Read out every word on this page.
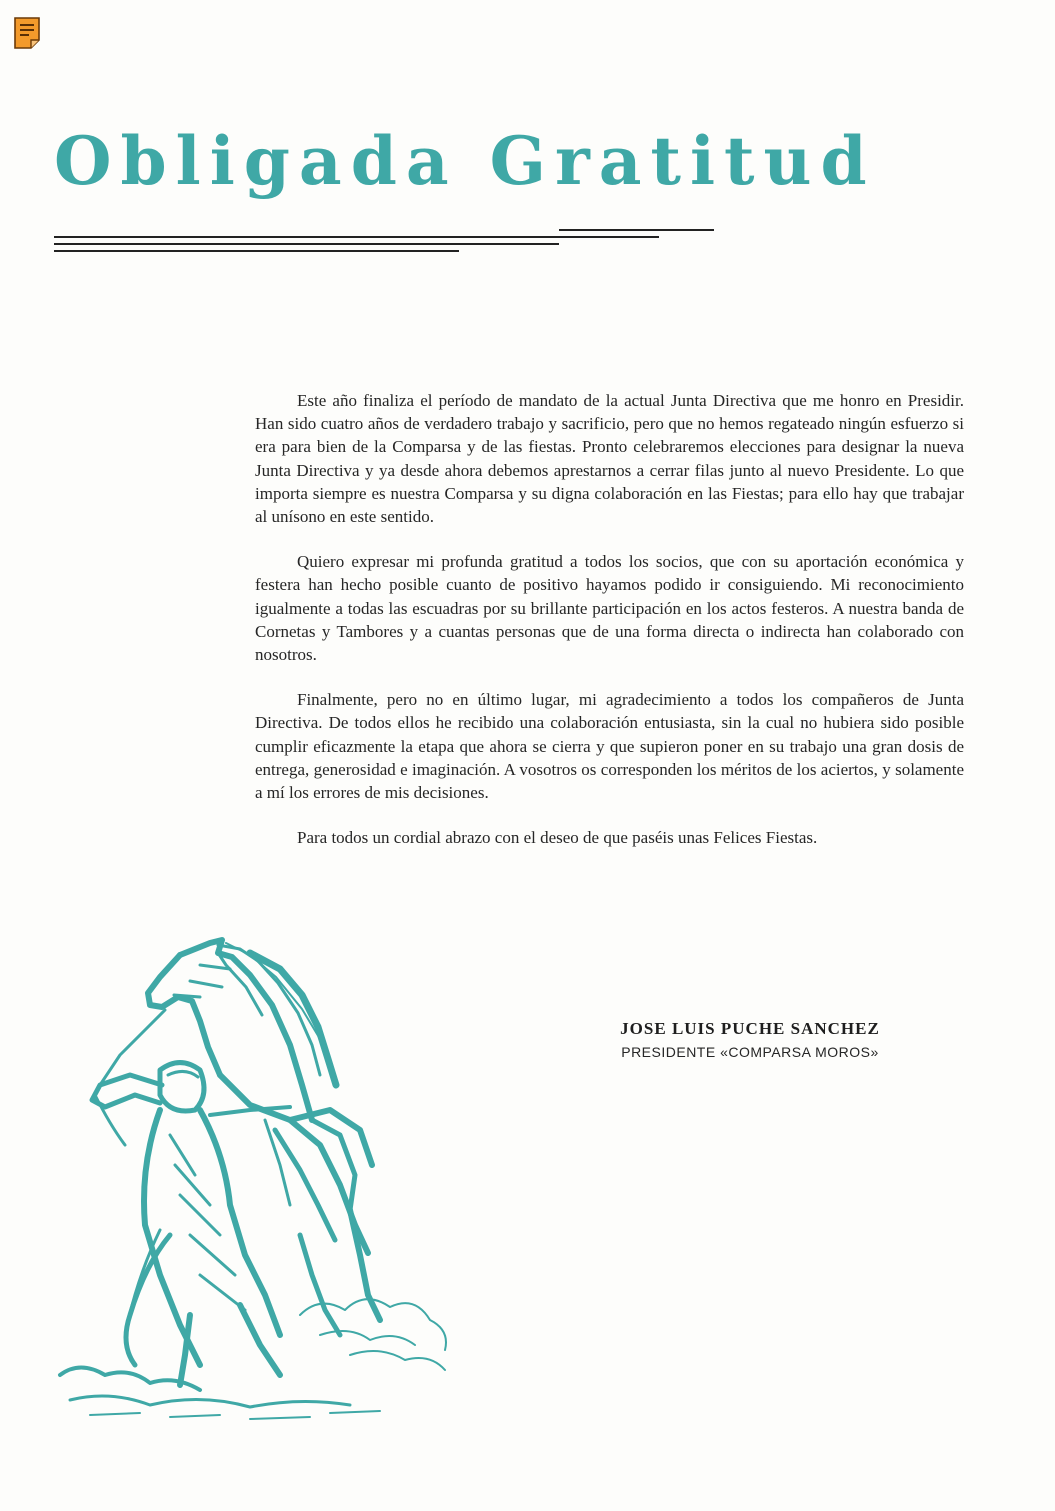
Obligada Gratitud

Este año finaliza el período de mandato de la actual Junta Directiva que me honro en Presidir. Han sido cuatro años de verdadero trabajo y sacrificio, pero que no hemos regateado ningún esfuerzo si era para bien de la Comparsa y de las fiestas. Pronto celebraremos elecciones para designar la nueva Junta Directiva y ya desde ahora debemos aprestarnos a cerrar filas junto al nuevo Presidente. Lo que importa siempre es nuestra Comparsa y su digna colaboración en las Fiestas; para ello hay que trabajar al unísono en este sentido.

Quiero expresar mi profunda gratitud a todos los socios, que con su aportación económica y festera han hecho posible cuanto de positivo hayamos podido ir consiguiendo. Mi reconocimiento igualmente a todas las escuadras por su brillante participación en los actos festeros. A nuestra banda de Cornetas y Tambores y a cuantas personas que de una forma directa o indirecta han colaborado con nosotros.

Finalmente, pero no en último lugar, mi agradecimiento a todos los compañeros de Junta Directiva. De todos ellos he recibido una colaboración entusiasta, sin la cual no hubiera sido posible cumplir eficazmente la etapa que ahora se cierra y que supieron poner en su trabajo una gran dosis de entrega, generosidad e imaginación. A vosotros os corresponden los méritos de los aciertos, y solamente a mí los errores de mis decisiones.

Para todos un cordial abrazo con el deseo de que paséis unas Felices Fiestas.

JOSE LUIS PUCHE SANCHEZ
PRESIDENTE «COMPARSA MOROS»
